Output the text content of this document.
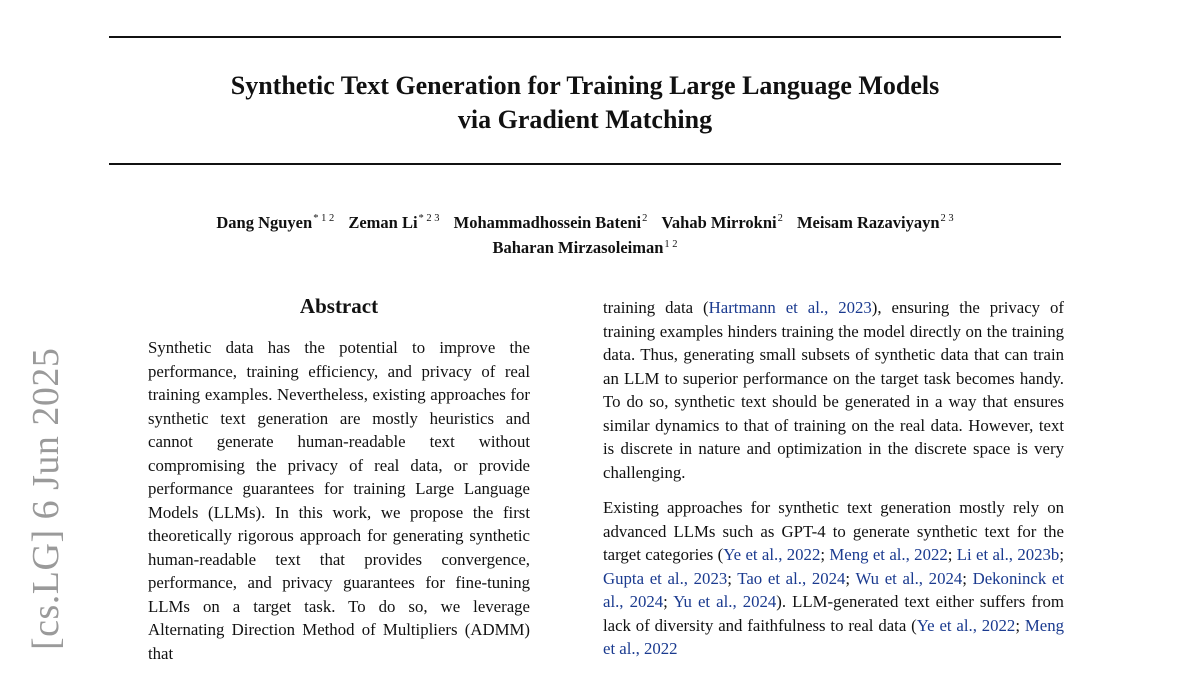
Synthetic Text Generation for Training Large Language Models
via Gradient Matching
Dang Nguyen$^{* 1 2}$ Zeman $Li^{* 2 3}$ Mohammadhossein Bateni$^2$ Vahab Mirrokni$^2$ Meisam Razaviyayn$^{2 3}$
Baharan Mirzasoleiman$^{1 2}$
[cs.LG] 6 Jun 2025
Abstract

Synthetic data has the potential to improve the performance, training efficiency, and privacy of real training examples. Nevertheless, existing approaches for synthetic text generation are mostly heuristics and cannot generate human-readable text without compromising the privacy of real data, or provide performance guarantees for training Large Language Models (LLMs). In this work, we propose the first theoretically rigorous approach for generating synthetic human-readable text that provides convergence, performance, and privacy guarantees for fine-tuning LLMs on a target task. To do so, we leverage Alternating Direction Method of Multipliers (ADMM) that

training data (Hartmann et al., 2023), ensuring the privacy of training examples hinders training the model directly on the training data. Thus, generating small subsets of synthetic data that can train an LLM to superior performance on the target task becomes handy. To do so, synthetic text should be generated in a way that ensures similar dynamics to that of training on the real data. However, text is discrete in nature and optimization in the discrete space is very challenging.

Existing approaches for synthetic text generation mostly rely on advanced LLMs such as GPT-4 to generate synthetic text for the target categories (Ye et al., 2022; Meng et al., 2022; Li et al., 2023b; Gupta et al., 2023; Tao et al., 2024; Wu et al., 2024; Dekoninck et al., 2024; Yu et al., 2024). LLM-generated text either suffers from lack of diversity and faithfulness to real data (Ye et al., 2022; Meng et al., 2022
